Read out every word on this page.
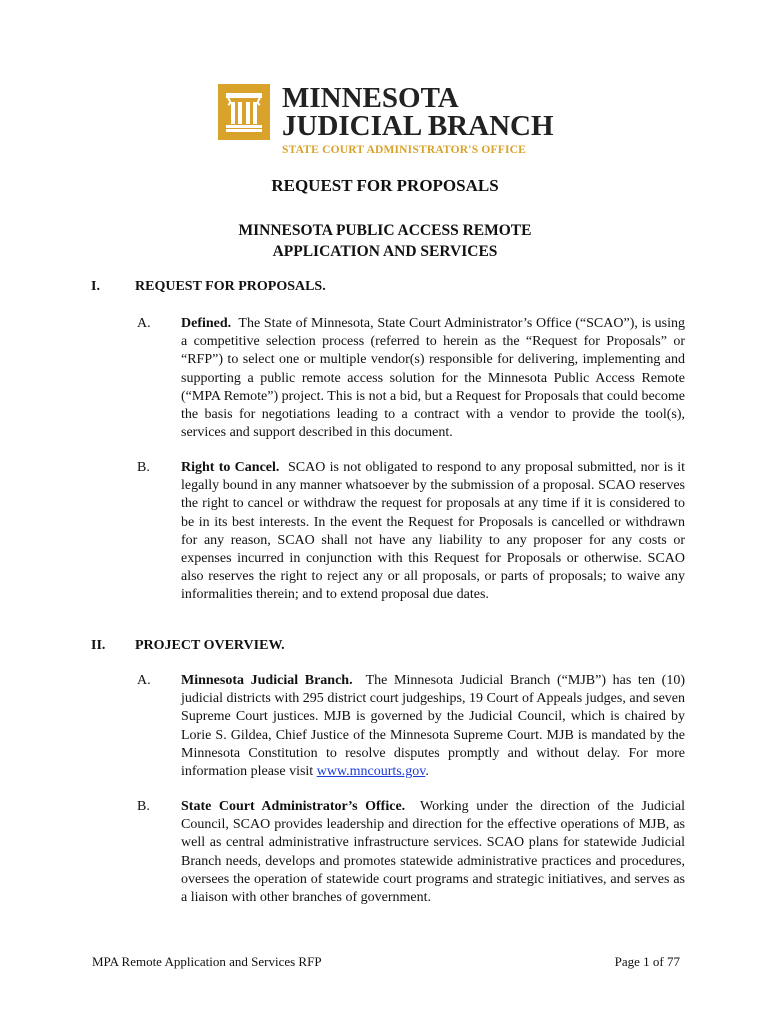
MINNESOTA
JUDICIAL BRANCH
STATE COURT ADMINISTRATOR'S OFFICE
REQUEST FOR PROPOSALS
MINNESOTA PUBLIC ACCESS REMOTE
APPLICATION AND SERVICES
I.	REQUEST FOR PROPOSALS.
A. Defined. The State of Minnesota, State Court Administrator’s Office (“SCAO”), is using a competitive selection process (referred to herein as the “Request for Proposals” or “RFP”) to select one or multiple vendor(s) responsible for delivering, implementing and supporting a public remote access solution for the Minnesota Public Access Remote (“MPA Remote”) project. This is not a bid, but a Request for Proposals that could become the basis for negotiations leading to a contract with a vendor to provide the tool(s), services and support described in this document.
B. Right to Cancel. SCAO is not obligated to respond to any proposal submitted, nor is it legally bound in any manner whatsoever by the submission of a proposal. SCAO reserves the right to cancel or withdraw the request for proposals at any time if it is considered to be in its best interests. In the event the Request for Proposals is cancelled or withdrawn for any reason, SCAO shall not have any liability to any proposer for any costs or expenses incurred in conjunction with this Request for Proposals or otherwise. SCAO also reserves the right to reject any or all proposals, or parts of proposals; to waive any informalities therein; and to extend proposal due dates.
II. PROJECT OVERVIEW.
A. Minnesota Judicial Branch. The Minnesota Judicial Branch (“MJB”) has ten (10) judicial districts with 295 district court judgeships, 19 Court of Appeals judges, and seven Supreme Court justices. MJB is governed by the Judicial Council, which is chaired by Lorie S. Gildea, Chief Justice of the Minnesota Supreme Court. MJB is mandated by the Minnesota Constitution to resolve disputes promptly and without delay. For more information please visit www.mncourts.gov.
B. State Court Administrator’s Office. Working under the direction of the Judicial Council, SCAO provides leadership and direction for the effective operations of MJB, as well as central administrative infrastructure services. SCAO plans for statewide Judicial Branch needs, develops and promotes statewide administrative practices and procedures, oversees the operation of statewide court programs and strategic initiatives, and serves as a liaison with other branches of government.
MPA Remote Application and Services RFP	Page 1 of 77
